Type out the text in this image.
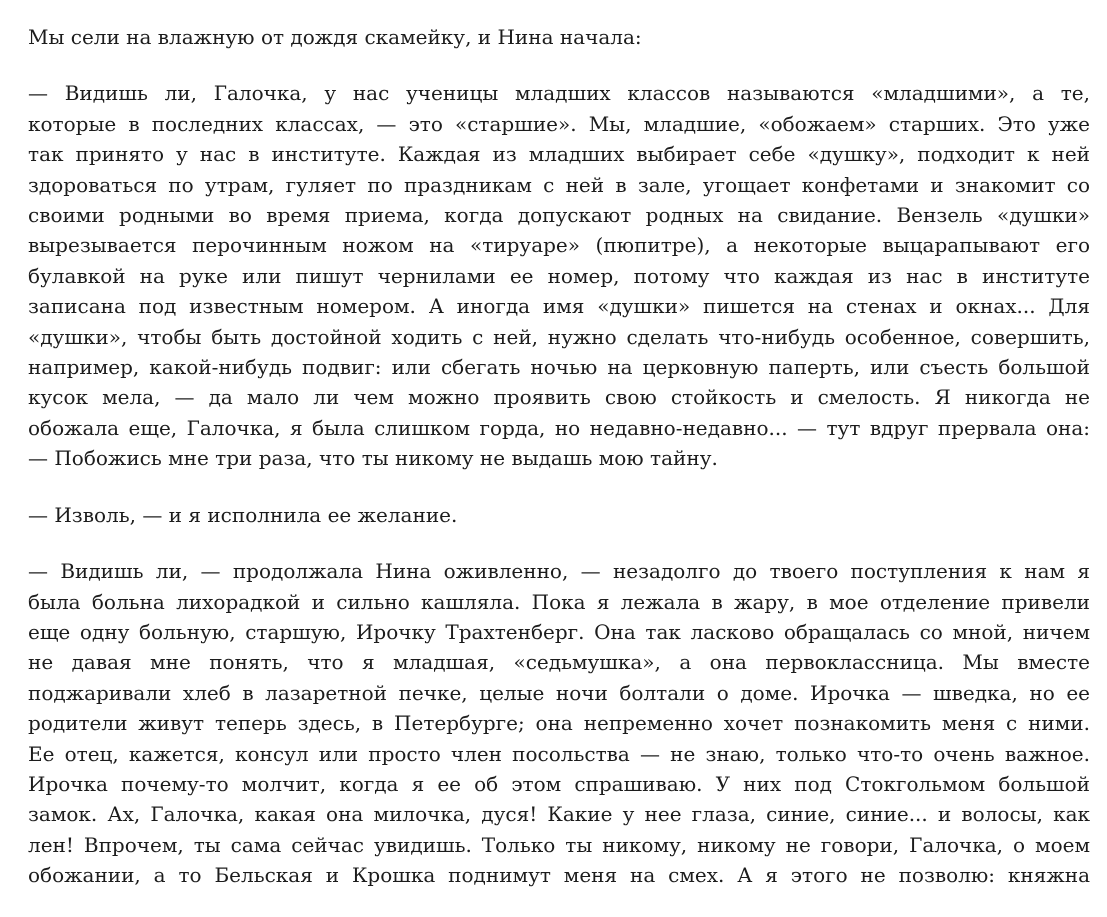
Мы сели на влажную от дождя скамейку, и Нина начала:

— Видишь ли, Галочка, у нас ученицы младших классов называются «младшими», а те,
которые в последних классах, — это «старшие». Мы, младшие, «обожаем» старших. Это уже
так принято у нас в институте. Каждая из младших выбирает себе «душку», подходит к ней
здороваться по утрам, гуляет по праздникам с ней в зале, угощает конфетами и знакомит со
своими родными во время приема, когда допускают родных на свидание. Вензель «душки»
вырезывается перочинным ножом на «тируаре» (пюпитре), а некоторые выцарапывают его
булавкой на руке или пишут чернилами ее номер, потому что каждая из нас в институте
записана под известным номером. А иногда имя «душки» пишется на стенах и окнах... Для
«душки», чтобы быть достойной ходить с ней, нужно сделать что-нибудь особенное, совершить,
например, какой-нибудь подвиг: или сбегать ночью на церковную паперть, или съесть большой
кусок мела, — да мало ли чем можно проявить свою стойкость и смелость. Я никогда не
обожала еще, Галочка, я была слишком горда, но недавно-недавно... — тут вдруг прервала она:
— Побожись мне три раза, что ты никому не выдашь мою тайну.

— Изволь, — и я исполнила ее желание.

— Видишь ли, — продолжала Нина оживленно, — незадолго до твоего поступления к нам я
была больна лихорадкой и сильно кашляла. Пока я лежала в жару, в мое отделение привели
еще одну больную, старшую, Ирочку Трахтенберг. Она так ласково обращалась со мной, ничем
не давая мне понять, что я младшая, «седьмушка», а она первоклассница. Мы вместе
поджаривали хлеб в лазаретной печке, целые ночи болтали о доме. Ирочка — шведка, но ее
родители живут теперь здесь, в Петербурге; она непременно хочет познакомить меня с ними.
Ее отец, кажется, консул или просто член посольства — не знаю, только что-то очень важное.
Ирочка почему-то молчит, когда я ее об этом спрашиваю. У них под Стокгольмом большой
замок. Ах, Галочка, какая она милочка, дуся! Какие у нее глаза, синие, синие... и волосы, как
лен! Впрочем, ты сама сейчас увидишь. Только ты никому, никому не говори, Галочка, о моем
обожании, а то Бельская и Крошка поднимут меня на смех. А я этого не позволю: княжна
